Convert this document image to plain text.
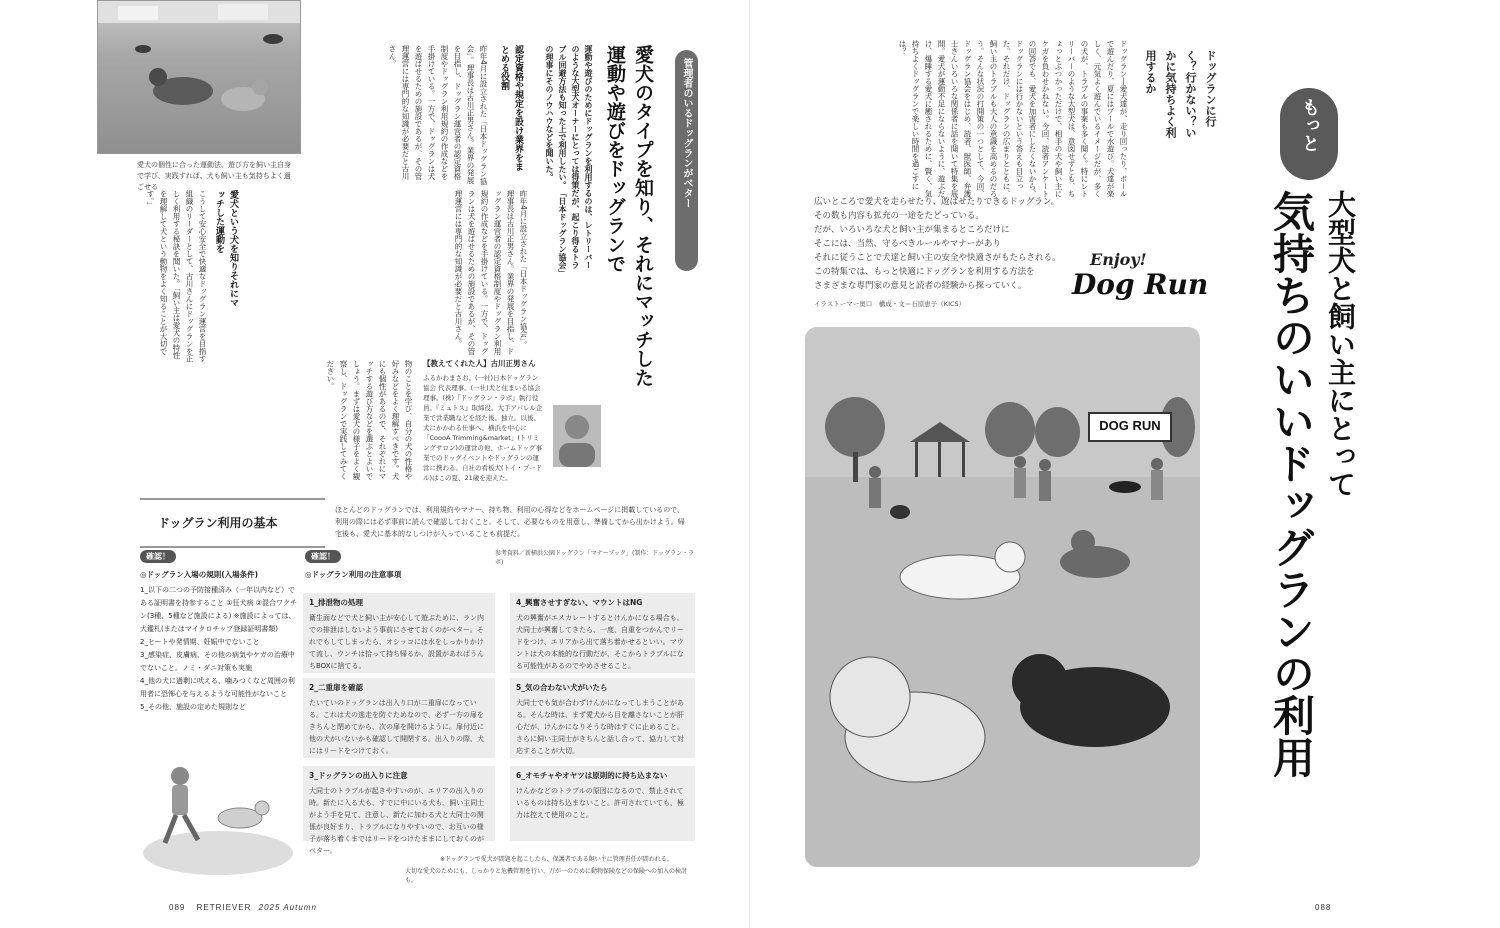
愛犬の個性に合った運動法、遊び方を飼い主自身で学び、実践すれば、犬も飼い主も気持ちよく過ごせる	管理者のいるドッグランがベター
愛犬のタイプを知り、それにマッチした
運動や遊びをドッグランで
運動や遊びのためにドッグランを利用するのは、レトリーバーのような大型犬オーナーにとっては得策だが、起こり得るトラブル回避方法も知った上で利用したい。「日本ドッグラン協会」の理事にそのノウハウなどを聞いた。
認定資格や規定を設け業界をまとめる役割
昨年4月に設立された「日本ドッグラン協会」。理事長は古川正男さん。業界の発展を目指し、ドッグラン運営者の認定資格制度やドッグラン利用規約の作成などを手掛けている。一方で、ドッグランは犬を遊ばせるための施設であるが、その管理運営には専門的な知識が必要だと古川さん。
愛犬という犬を知りそれにマッチした運動を
こうして安心安全で快適なドッグラン運営を目指す組織のリーダーとして、古川さんにドッグランを正しく利用する秘訣を聞いた。「飼い主は愛犬の特性を理解して犬という動物をよく知ることが大切です。」	昨年4月に設立された「日本ドッグラン協会」。理事長は古川正男さん。業界の発展を目指し、ドッグラン運営者の認定資格制度やドッグラン利用規約の作成などを手掛けている。一方で、ドッグランは犬を遊ばせるための施設であるが、その管理運営には専門的な知識が必要だと古川さん。
【教えてくれた人】古川正男さん
ふるかわまさお。(一社)日本ドッグラン協会 代表理事。(一社)犬と住まいる協会 理事。(株)『ドッグラン・ラボ』執行役員。『ミュトス』取締役。大手アパレル企業で営業職などを経た後、独立。以後、犬にかかわる仕事へ。横浜を中心に「CoooA Trimming&market」(トリミングサロン)の運営の他、ホームドッグ事業でのドッグイベントやドッグランの運営に携わる。自社の看板犬(トイ・プードル)はこの夏、21歳を迎えた。
物のことを学び、自分の犬の性格や好みなどをよく理解すべきです。犬にも個性があるので、それぞれにマッチする遊び方などを選ぶとよいでしょう。まずは愛犬の様子をよく観察し、ドッグランで実践してみてください。
ドッグラン利用の基本
ほとんどのドッグランでは、利用規約やマナー、持ち物、利用の心得などをホームページに掲載しているので、利用の際には必ず事前に読んで確認しておくこと。そして、必要なものを用意し、準備してから出かけよう。帰宅後も、愛犬に基本的なしつけが入っていることも前提だ。
参考資料／新横浜公園ドッグラン「マナーブック」(制作：ドッグラン・ラボ)
確認！
◎ドッグラン入場の規則(入場条件)
1_以下の二つの予防接種済み（一年以内など）である証明書を持参すること ①狂犬病 ②混合ワクチン(3種、5種など施設による) ※施設によっては、犬鑑札(またはマイクロチップ登録証明書類)
2_ヒートや発情期、妊娠中でないこと
3_感染症、皮膚病、その他の病気やケガの治療中でないこと。ノミ・ダニ対策も実施
4_他の犬に過剰に吠える、噛みつくなど周囲の利用者に恐怖心を与えるような可能性がないこと
5_その他、施設の定めた規則など
確認！
◎ドッグラン利用の注意事項
1_排泄物の処理
衛生面などで犬と飼い主が安心して遊ぶために、ラン内での排泄はしないよう事前にさせておくのがベター。それでもしてしまったら、オシッコには水をしっかりかけて流し、ウンチは拾って持ち帰るか、設置があればうんちBOXに捨てる。
4_興奮させすぎない、マウントはNG
犬の興奮がエスカレートするとけんかになる場合も。犬同士が興奮してきたら、一度、自重をつかんでリードをつけ、エリアから出て落ち着かせるといい。マウントは犬の本能的な行動だが、そこからトラブルになる可能性があるのでやめさせること。
2_二重扉を確認
たいていのドッグランは出入り口が二重扉になっている。これは犬の逃走を防ぐためなので、必ず一方の扉をきちんと閉めてから、次の扉を開けるように。扉付近に他の犬がいないかも確認して開閉する。出入りの際、犬にはリードをつけておく。
5_気の合わない犬がいたら
大同士でも気が合わずけんかになってしまうことがある。そんな時は、まず愛犬から目を離さないことが肝心だが、けんかになりそうな時はすぐに止めること。さらに飼い主同士がきちんと話し合って、協力して対応することが大切。
3_ドッグランの出入りに注意
大同士のトラブルが起きやすいのが、エリアの出入りの時。新たに入る犬も、すでに中にいる犬も、飼い主同士がよう手を見て、注意し、新たに加わる犬と大同士の関係が良好まり、トラブルになりやすいので、お互いの様子が落ち着くまではリードをつけたままにしておくのがベター。
6_オモチャやオヤツは原則的に持ち込まない
けんかなどのトラブルの原因になるので、禁止されているものは持ち込まないこと。許可されていても、極力は控えて使用のこと。
※ドッグランで愛犬が問題を起こしたら、保護者である飼い主に管理責任が問われる。
大切な愛犬のためにも、しっかりと危機管理を行い、万が一のために動物保険などの保険への加入の検討も。
089 RETRIEVER 2025 Autumn
もっと
ドッグランに行く？行かない？いかに気持ちよく利用するか
大型犬と飼い主にとって
気持ちのいいドッグランの利用
ドッグラン―愛犬達が、走り回ったり、ボールで遊んだり、夏にはプールで水遊び。犬達が楽しく、元気よく遊んでいるイメージだが、多くの犬が、トラブルの事案も多く聞く。特にレトリーバーのような大型犬は、意図せずとも、ちょっとぶつかっただけで、相手の犬や飼い主にケガを負わせかねない。今回、読者アンケートの回答でも、愛犬を加害者にしたくないから、ドッグランには行かないという答えも目立った。それだけ、ドッグランの広まりとともに、飼い主のトラブルも大人の意識を高めるのだろう。そんな状況の打開策の一つとして、今回、ドッグラン協会をはじめ、読者、獣医師、弁護士さんいろいろな関係者に話を聞いて特集を展開。愛犬が運動不足にならないように、遊ぶだけ、爆睡する愛犬に癒されるために、賢く、気持ちよくドッグランで楽しい時間を過ごすには？
広いところで愛犬を走らせたり、遊ばせたりできるドッグラン。
その数も内容も拡充の一途をたどっている。
だが、いろいろな犬と飼い主が集まるところだけに
そこには、当然、守るべきルールやマナーがあり
それに従うことで犬達と飼い主の安全や快適さがもたらされる。
この特集では、もっと快適にドッグランを利用する方法を
さまざまな専門家の意見と読者の経験から探っていく。
イラストーマー奥口　構成・文＝石原恵子（KICS）
Enjoy!
Dog Run
088
DOG RUN
